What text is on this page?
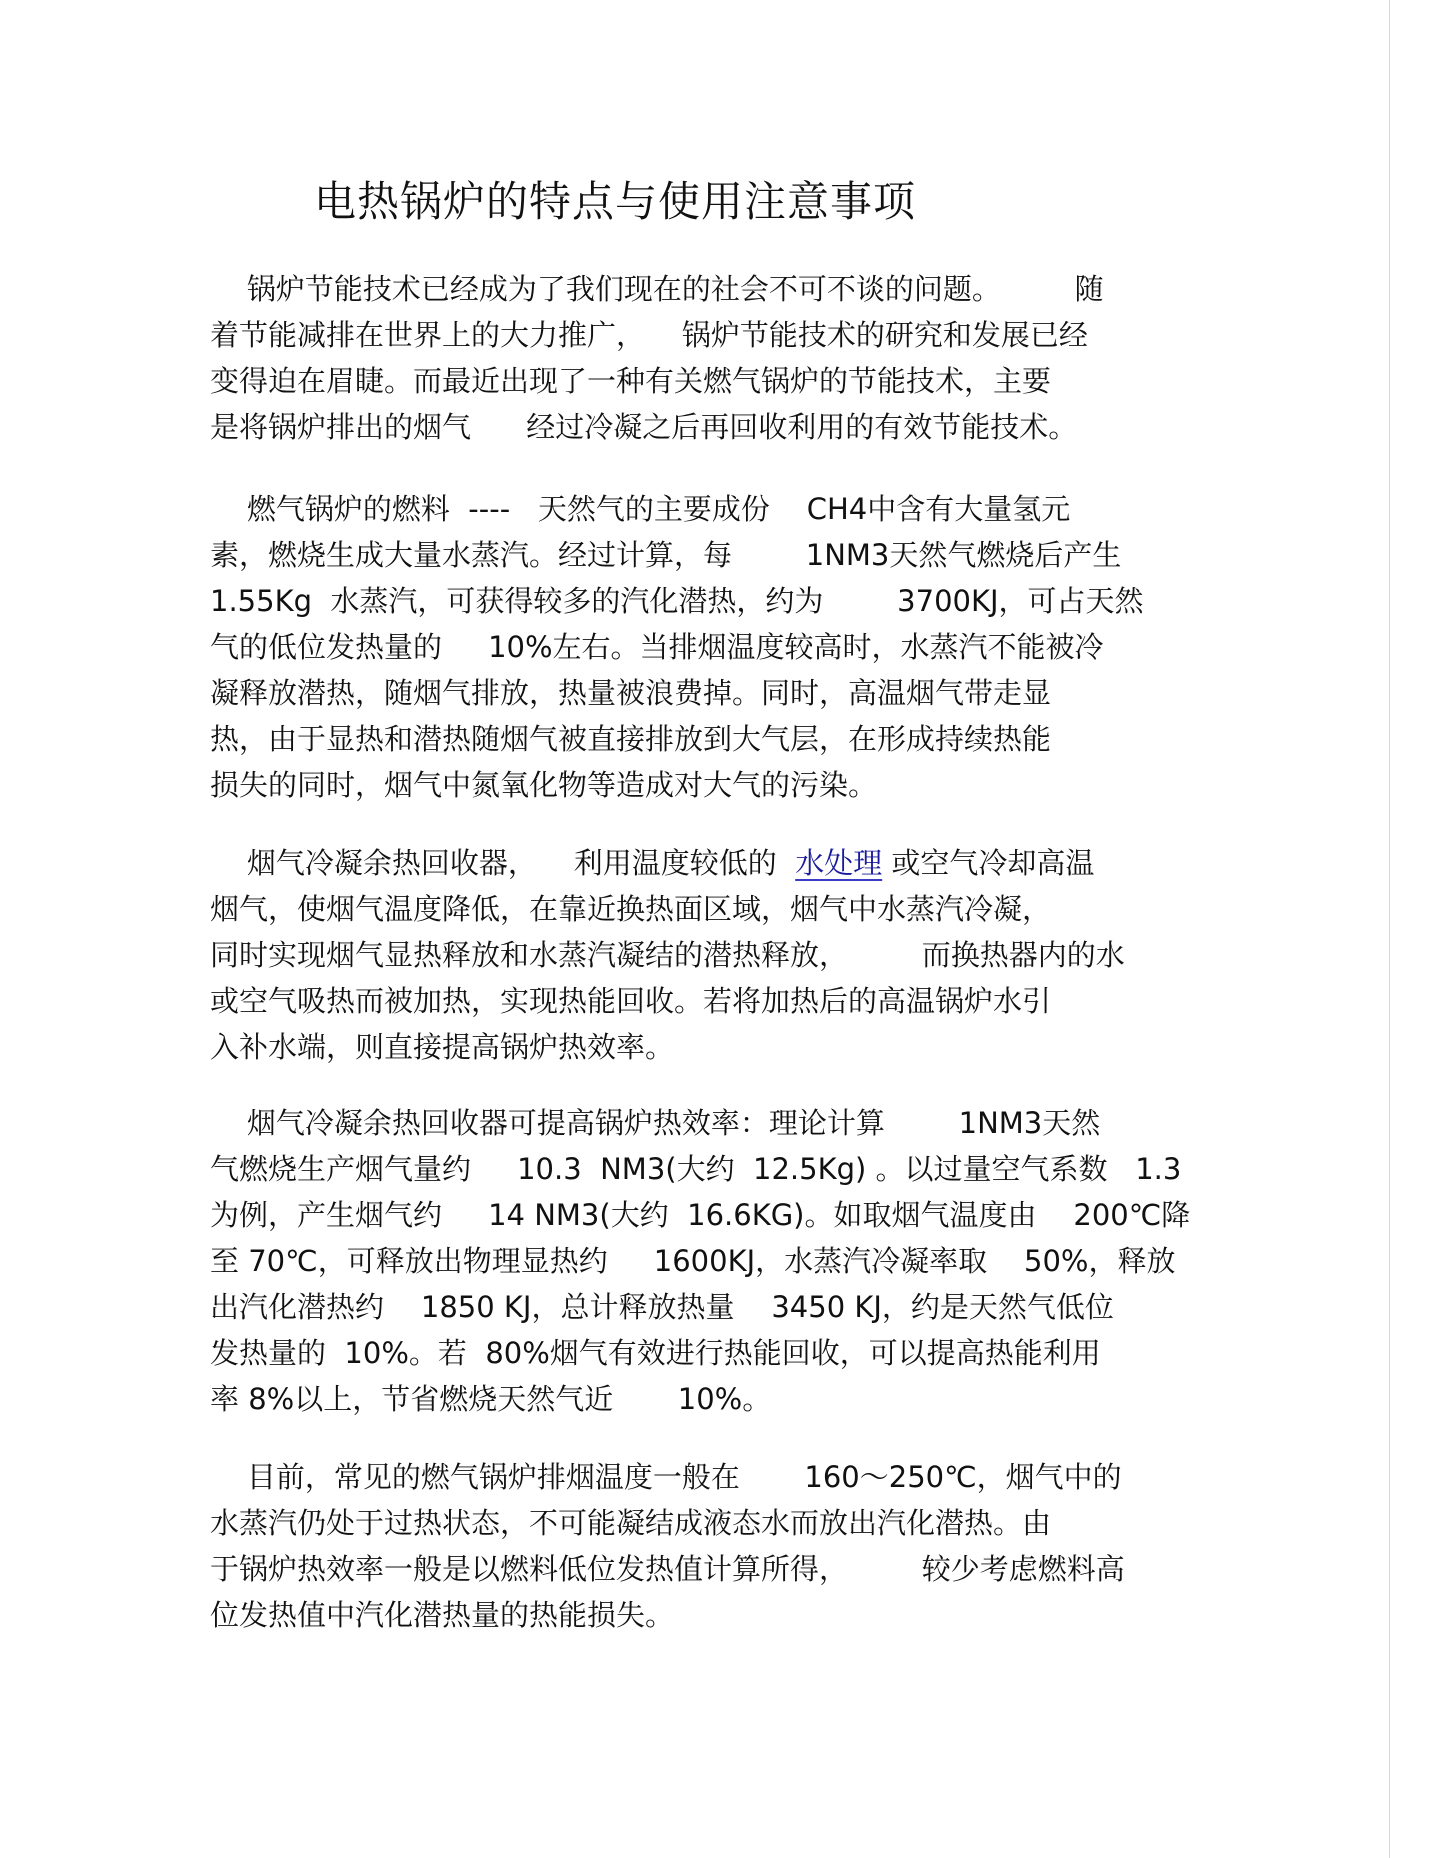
电热锅炉的特点与使用注意事项
锅炉节能技术已经成为了我们现在的社会不可不谈的问题。        随
着节能减排在世界上的大力推广，    锅炉节能技术的研究和发展已经
变得迫在眉睫。而最近出现了一种有关燃气锅炉的节能技术，主要
是将锅炉排出的烟气      经过冷凝之后再回收利用的有效节能技术。
燃气锅炉的燃料  ----   天然气的主要成份    CH4中含有大量氢元
素，燃烧生成大量水蒸汽。经过计算，每        1NM3天然气燃烧后产生
1.55Kg  水蒸汽，可获得较多的汽化潜热，约为        3700KJ，可占天然
气的低位发热量的     10%左右。当排烟温度较高时，水蒸汽不能被冷
凝释放潜热，随烟气排放，热量被浪费掉。同时，高温烟气带走显
热，由于显热和潜热随烟气被直接排放到大气层，在形成持续热能
损失的同时，烟气中氮氧化物等造成对大气的污染。
烟气冷凝余热回收器，    利用温度较低的  水处理 或空气冷却高温
烟气，使烟气温度降低，在靠近换热面区域，烟气中水蒸汽冷凝，
同时实现烟气显热释放和水蒸汽凝结的潜热释放，        而换热器内的水
或空气吸热而被加热，实现热能回收。若将加热后的高温锅炉水引
入补水端，则直接提高锅炉热效率。
烟气冷凝余热回收器可提高锅炉热效率：理论计算        1NM3天然
气燃烧生产烟气量约     10.3  NM3(大约  12.5Kg) 。以过量空气系数   1.3
为例，产生烟气约     14 NM3(大约  16.6KG)。如取烟气温度由    200℃降
至 70℃，可释放出物理显热约     1600KJ，水蒸汽冷凝率取    50%，释放
出汽化潜热约    1850 KJ，总计释放热量    3450 KJ，约是天然气低位
发热量的  10%。若  80%烟气有效进行热能回收，可以提高热能利用
率 8%以上，节省燃烧天然气近       10%。
目前，常见的燃气锅炉排烟温度一般在       160～250℃，烟气中的
水蒸汽仍处于过热状态，不可能凝结成液态水而放出汽化潜热。由
于锅炉热效率一般是以燃料低位发热值计算所得，        较少考虑燃料高
位发热值中汽化潜热量的热能损失。
